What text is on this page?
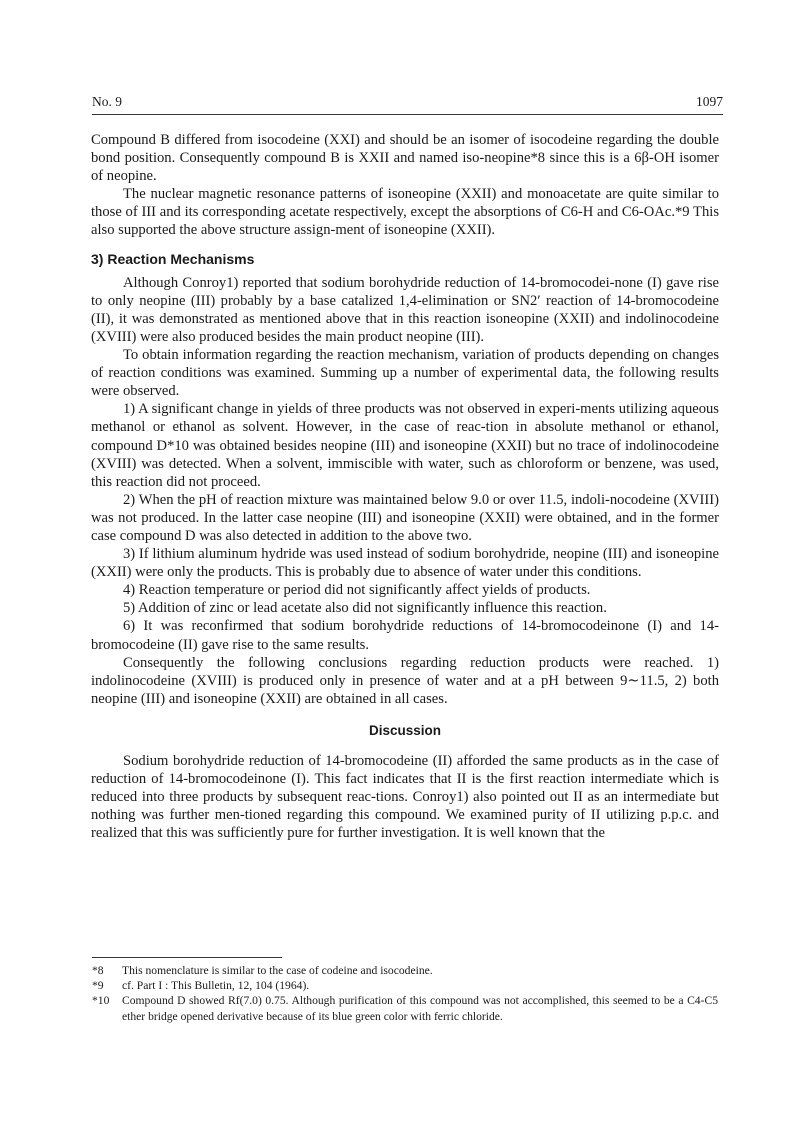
No. 9	1097

Compound B differed from isocodeine (XXI) and should be an isomer of isocodeine regarding the double bond position. Consequently compound B is XXII and named iso-neopine*8 since this is a 6β-OH isomer of neopine.

The nuclear magnetic resonance patterns of isoneopine (XXII) and monoacetate are quite similar to those of III and its corresponding acetate respectively, except the absorptions of C6-H and C6-OAc.*9 This also supported the above structure assign-ment of isoneopine (XXII).

3) Reaction Mechanisms

Although Conroy1) reported that sodium borohydride reduction of 14-bromocodei-none (I) gave rise to only neopine (III) probably by a base catalized 1,4-elimination or SN2′ reaction of 14-bromocodeine (II), it was demonstrated as mentioned above that in this reaction isoneopine (XXII) and indolinocodeine (XVIII) were also produced besides the main product neopine (III).

To obtain information regarding the reaction mechanism, variation of products depending on changes of reaction conditions was examined. Summing up a number of experimental data, the following results were observed.

1) A significant change in yields of three products was not observed in experi-ments utilizing aqueous methanol or ethanol as solvent. However, in the case of reac-tion in absolute methanol or ethanol, compound D*10 was obtained besides neopine (III) and isoneopine (XXII) but no trace of indolinocodeine (XVIII) was detected. When a solvent, immiscible with water, such as chloroform or benzene, was used, this reaction did not proceed.

2) When the pH of reaction mixture was maintained below 9.0 or over 11.5, indoli-nocodeine (XVIII) was not produced. In the latter case neopine (III) and isoneopine (XXII) were obtained, and in the former case compound D was also detected in addition to the above two.

3) If lithium aluminum hydride was used instead of sodium borohydride, neopine (III) and isoneopine (XXII) were only the products. This is probably due to absence of water under this conditions.

4) Reaction temperature or period did not significantly affect yields of products.

5) Addition of zinc or lead acetate also did not significantly influence this reaction.

6) It was reconfirmed that sodium borohydride reductions of 14-bromocodeinone (I) and 14-bromocodeine (II) gave rise to the same results.

Consequently the following conclusions regarding reduction products were reached. 1) indolinocodeine (XVIII) is produced only in presence of water and at a pH between 9∼11.5, 2) both neopine (III) and isoneopine (XXII) are obtained in all cases.

Discussion

Sodium borohydride reduction of 14-bromocodeine (II) afforded the same products as in the case of reduction of 14-bromocodeinone (I). This fact indicates that II is the first reaction intermediate which is reduced into three products by subsequent reac-tions. Conroy1) also pointed out II as an intermediate but nothing was further men-tioned regarding this compound. We examined purity of II utilizing p.p.c. and realized that this was sufficiently pure for further investigation. It is well known that the

*8	This nomenclature is similar to the case of codeine and isocodeine.
*9	cf. Part I : This Bulletin, 12, 104 (1964).
*10	Compound D showed Rf(7.0) 0.75. Although purification of this compound was not accomplished, this seemed to be a C4-C5 ether bridge opened derivative because of its blue green color with ferric chloride.
